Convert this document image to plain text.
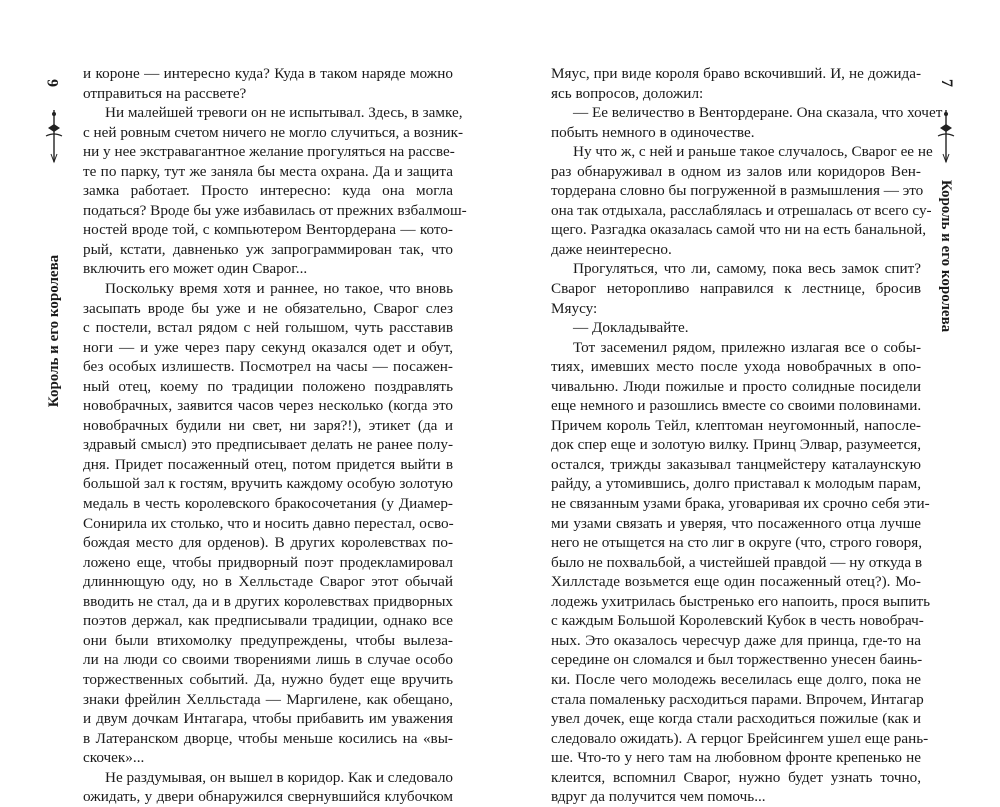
6
Король и его королева
и короне — интересно куда? Куда в таком наряде можно
отправиться на рассвете?
Ни малейшей тревоги он не испытывал. Здесь, в замке,
с ней ровным счетом ничего не могло случиться, а возник-
ни у нее экстравагантное желание прогуляться на рассве-
те по парку, тут же заняла бы места охрана. Да и защита
замка работает. Просто интересно: куда она могла
податься? Вроде бы уже избавилась от прежних взбалмош-
ностей вроде той, с компьютером Вентордерана — кото-
рый, кстати, давненько уж запрограммирован так, что
включить его может один Сварог...
Поскольку время хотя и раннее, но такое, что вновь
засыпать вроде бы уже и не обязательно, Сварог слез
с постели, встал рядом с ней голышом, чуть расставив
ноги — и уже через пару секунд оказался одет и обут,
без особых излишеств. Посмотрел на часы — посажен-
ный отец, коему по традиции положено поздравлять
новобрачных, заявится часов через несколько (когда это
новобрачных будили ни свет, ни заря?!), этикет (да и
здравый смысл) это предписывает делать не ранее полу-
дня. Придет посаженный отец, потом придется выйти в
большой зал к гостям, вручить каждому особую золотую
медаль в честь королевского бракосочетания (у Диамер-
Сонирила их столько, что и носить давно перестал, осво-
бождая место для орденов). В других королевствах по-
ложено еще, чтобы придворный поэт продекламировал
длиннющую оду, но в Хелльстаде Сварог этот обычай
вводить не стал, да и в других королевствах придворных
поэтов держал, как предписывали традиции, однако все
они были втихомолку предупреждены, чтобы вылеза-
ли на люди со своими творениями лишь в случае особо
торжественных событий. Да, нужно будет еще вручить
знаки фрейлин Хелльстада — Маргилене, как обещано,
и двум дочкам Интагара, чтобы прибавить им уважения
в Латеранском дворце, чтобы меньше косились на «вы-
скочек»...
Не раздумывая, он вышел в коридор. Как и следовало
ожидать, у двери обнаружился свернувшийся клубочком
7
Король и его королева
Мяус, при виде короля браво вскочивший. И, не дожида-
ясь вопросов, доложил:
— Ее величество в Вентордеране. Она сказала, что хочет
побыть немного в одиночестве.
Ну что ж, с ней и раньше такое случалось, Сварог ее не
раз обнаруживал в одном из залов или коридоров Вен-
тордерана словно бы погруженной в размышления — это
она так отдыхала, расслаблялась и отрешалась от всего су-
щего. Разгадка оказалась самой что ни на есть банальной,
даже неинтересно.
Прогуляться, что ли, самому, пока весь замок спит?
Сварог неторопливо направился к лестнице, бросив
Мяусу:
— Докладывайте.
Тот засеменил рядом, прилежно излагая все о собы-
тиях, имевших место после ухода новобрачных в опо-
чивальню. Люди пожилые и просто солидные посидели
еще немного и разошлись вместе со своими половинами.
Причем король Тейл, клептоман неугомонный, напосле-
док спер еще и золотую вилку. Принц Элвар, разумеется,
остался, трижды заказывал танцмейстеру каталаунскую
райду, а утомившись, долго приставал к молодым парам,
не связанным узами брака, уговаривая их срочно себя эти-
ми узами связать и уверяя, что посаженного отца лучше
него не отыщется на сто лиг в округе (что, строго говоря,
было не похвальбой, а чистейшей правдой — ну откуда в
Хиллстаде возьмется еще один посаженный отец?). Мо-
лодежь ухитрилась быстренько его напоить, прося выпить
с каждым Большой Королевский Кубок в честь новобрач-
ных. Это оказалось чересчур даже для принца, где-то на
середине он сломался и был торжественно унесен баинь-
ки. После чего молодежь веселилась еще долго, пока не
стала помаленьку расходиться парами. Впрочем, Интагар
увел дочек, еще когда стали расходиться пожилые (как и
следовало ожидать). А герцог Брейсингем ушел еще рань-
ше. Что-то у него там на любовном фронте крепенько не
клеится, вспомнил Сварог, нужно будет узнать точно,
вдруг да получится чем помочь...
